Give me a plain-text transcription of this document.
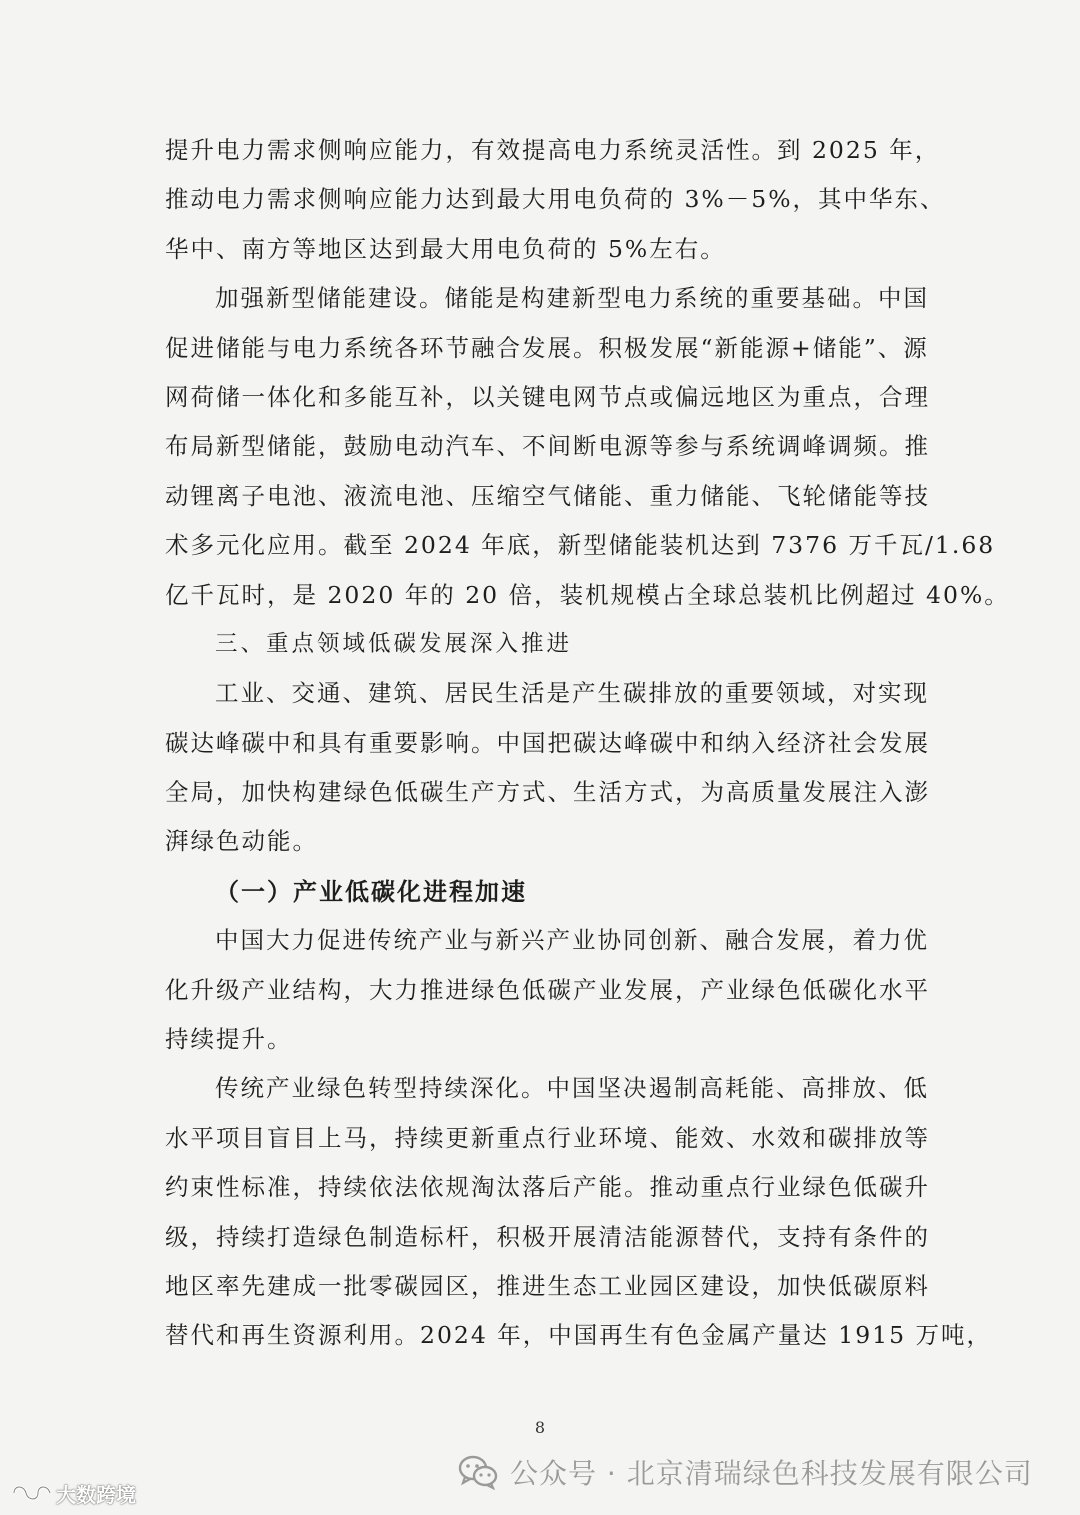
提升电力需求侧响应能力，有效提高电力系统灵活性。到 2025 年，
推动电力需求侧响应能力达到最大用电负荷的 3%－5%，其中华东、
华中、南方等地区达到最大用电负荷的 5%左右。
加强新型储能建设。储能是构建新型电力系统的重要基础。中国
促进储能与电力系统各环节融合发展。积极发展“新能源+储能”、源
网荷储一体化和多能互补，以关键电网节点或偏远地区为重点，合理
布局新型储能，鼓励电动汽车、不间断电源等参与系统调峰调频。推
动锂离子电池、液流电池、压缩空气储能、重力储能、飞轮储能等技
术多元化应用。截至 2024 年底，新型储能装机达到 7376 万千瓦/1.68
亿千瓦时，是 2020 年的 20 倍，装机规模占全球总装机比例超过 40%。
三、重点领域低碳发展深入推进
工业、交通、建筑、居民生活是产生碳排放的重要领域，对实现
碳达峰碳中和具有重要影响。中国把碳达峰碳中和纳入经济社会发展
全局，加快构建绿色低碳生产方式、生活方式，为高质量发展注入澎
湃绿色动能。
（一）产业低碳化进程加速
中国大力促进传统产业与新兴产业协同创新、融合发展，着力优
化升级产业结构，大力推进绿色低碳产业发展，产业绿色低碳化水平
持续提升。
传统产业绿色转型持续深化。中国坚决遏制高耗能、高排放、低
水平项目盲目上马，持续更新重点行业环境、能效、水效和碳排放等
约束性标准，持续依法依规淘汰落后产能。推动重点行业绿色低碳升
级，持续打造绿色制造标杆，积极开展清洁能源替代，支持有条件的
地区率先建成一批零碳园区，推进生态工业园区建设，加快低碳原料
替代和再生资源利用。2024 年，中国再生有色金属产量达 1915 万吨，
8
公众号 · 北京清瑞绿色科技发展有限公司
大数跨境
